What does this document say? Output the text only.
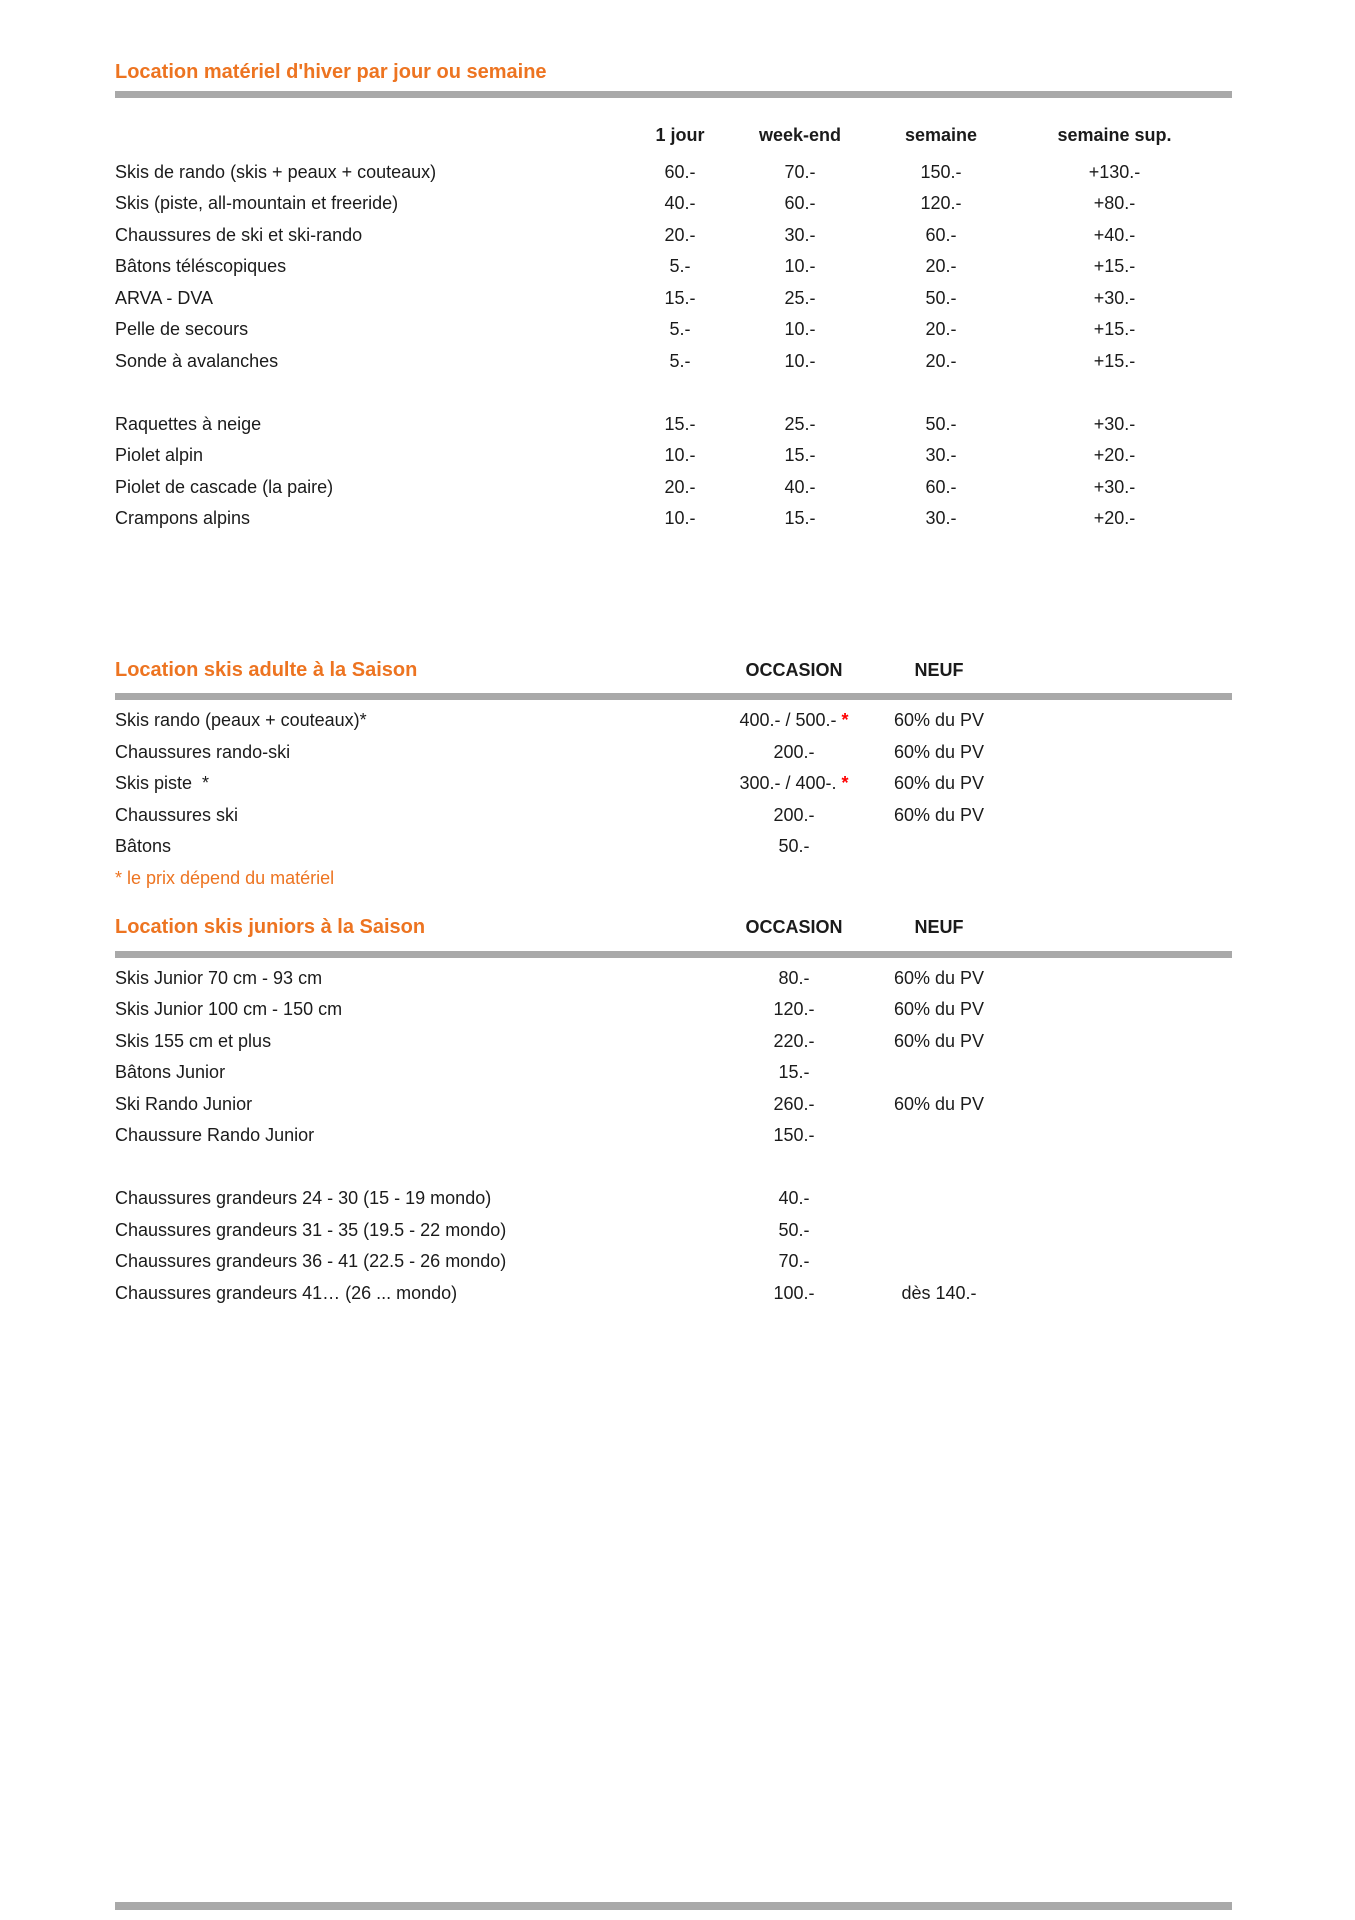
Location matériel d'hiver par jour ou semaine
1 jour	week-end	semaine	semaine sup.
Skis de rando (skis + peaux + couteaux)	60.-	70.-	150.-	+130.-
Skis (piste, all-mountain et freeride)	40.-	60.-	120.-	+80.-
Chaussures de ski et ski-rando	20.-	30.-	60.-	+40.-
Bâtons téléscopiques	5.-	10.-	20.-	+15.-
ARVA - DVA	15.-	25.-	50.-	+30.-
Pelle de secours	5.-	10.-	20.-	+15.-
Sonde à avalanches	5.-	10.-	20.-	+15.-
Raquettes à neige	15.-	25.-	50.-	+30.-
Piolet alpin	10.-	15.-	30.-	+20.-
Piolet de cascade (la paire)	20.-	40.-	60.-	+30.-
Crampons alpins	10.-	15.-	30.-	+20.-
Location skis adulte à la Saison	OCCASION	NEUF
Skis rando (peaux + couteaux)*	400.- / 500.- *	60% du PV
Chaussures rando-ski	200.-	60% du PV
Skis piste  *	300.- / 400-. *	60% du PV
Chaussures ski	200.-	60% du PV
Bâtons	50.-
* le prix dépend du matériel
Location skis juniors à la Saison	OCCASION	NEUF
Skis Junior 70 cm - 93 cm	80.-	60% du PV
Skis Junior 100 cm - 150 cm	120.-	60% du PV
Skis 155 cm et plus	220.-	60% du PV
Bâtons Junior	15.-
Ski Rando Junior	260.-	60% du PV
Chaussure Rando Junior	150.-
Chaussures grandeurs 24 - 30 (15 - 19 mondo)	40.-
Chaussures grandeurs 31 - 35 (19.5 - 22 mondo)	50.-
Chaussures grandeurs 36 - 41 (22.5 - 26 mondo)	70.-
Chaussures grandeurs 41… (26 ... mondo)	100.-	dès 140.-
